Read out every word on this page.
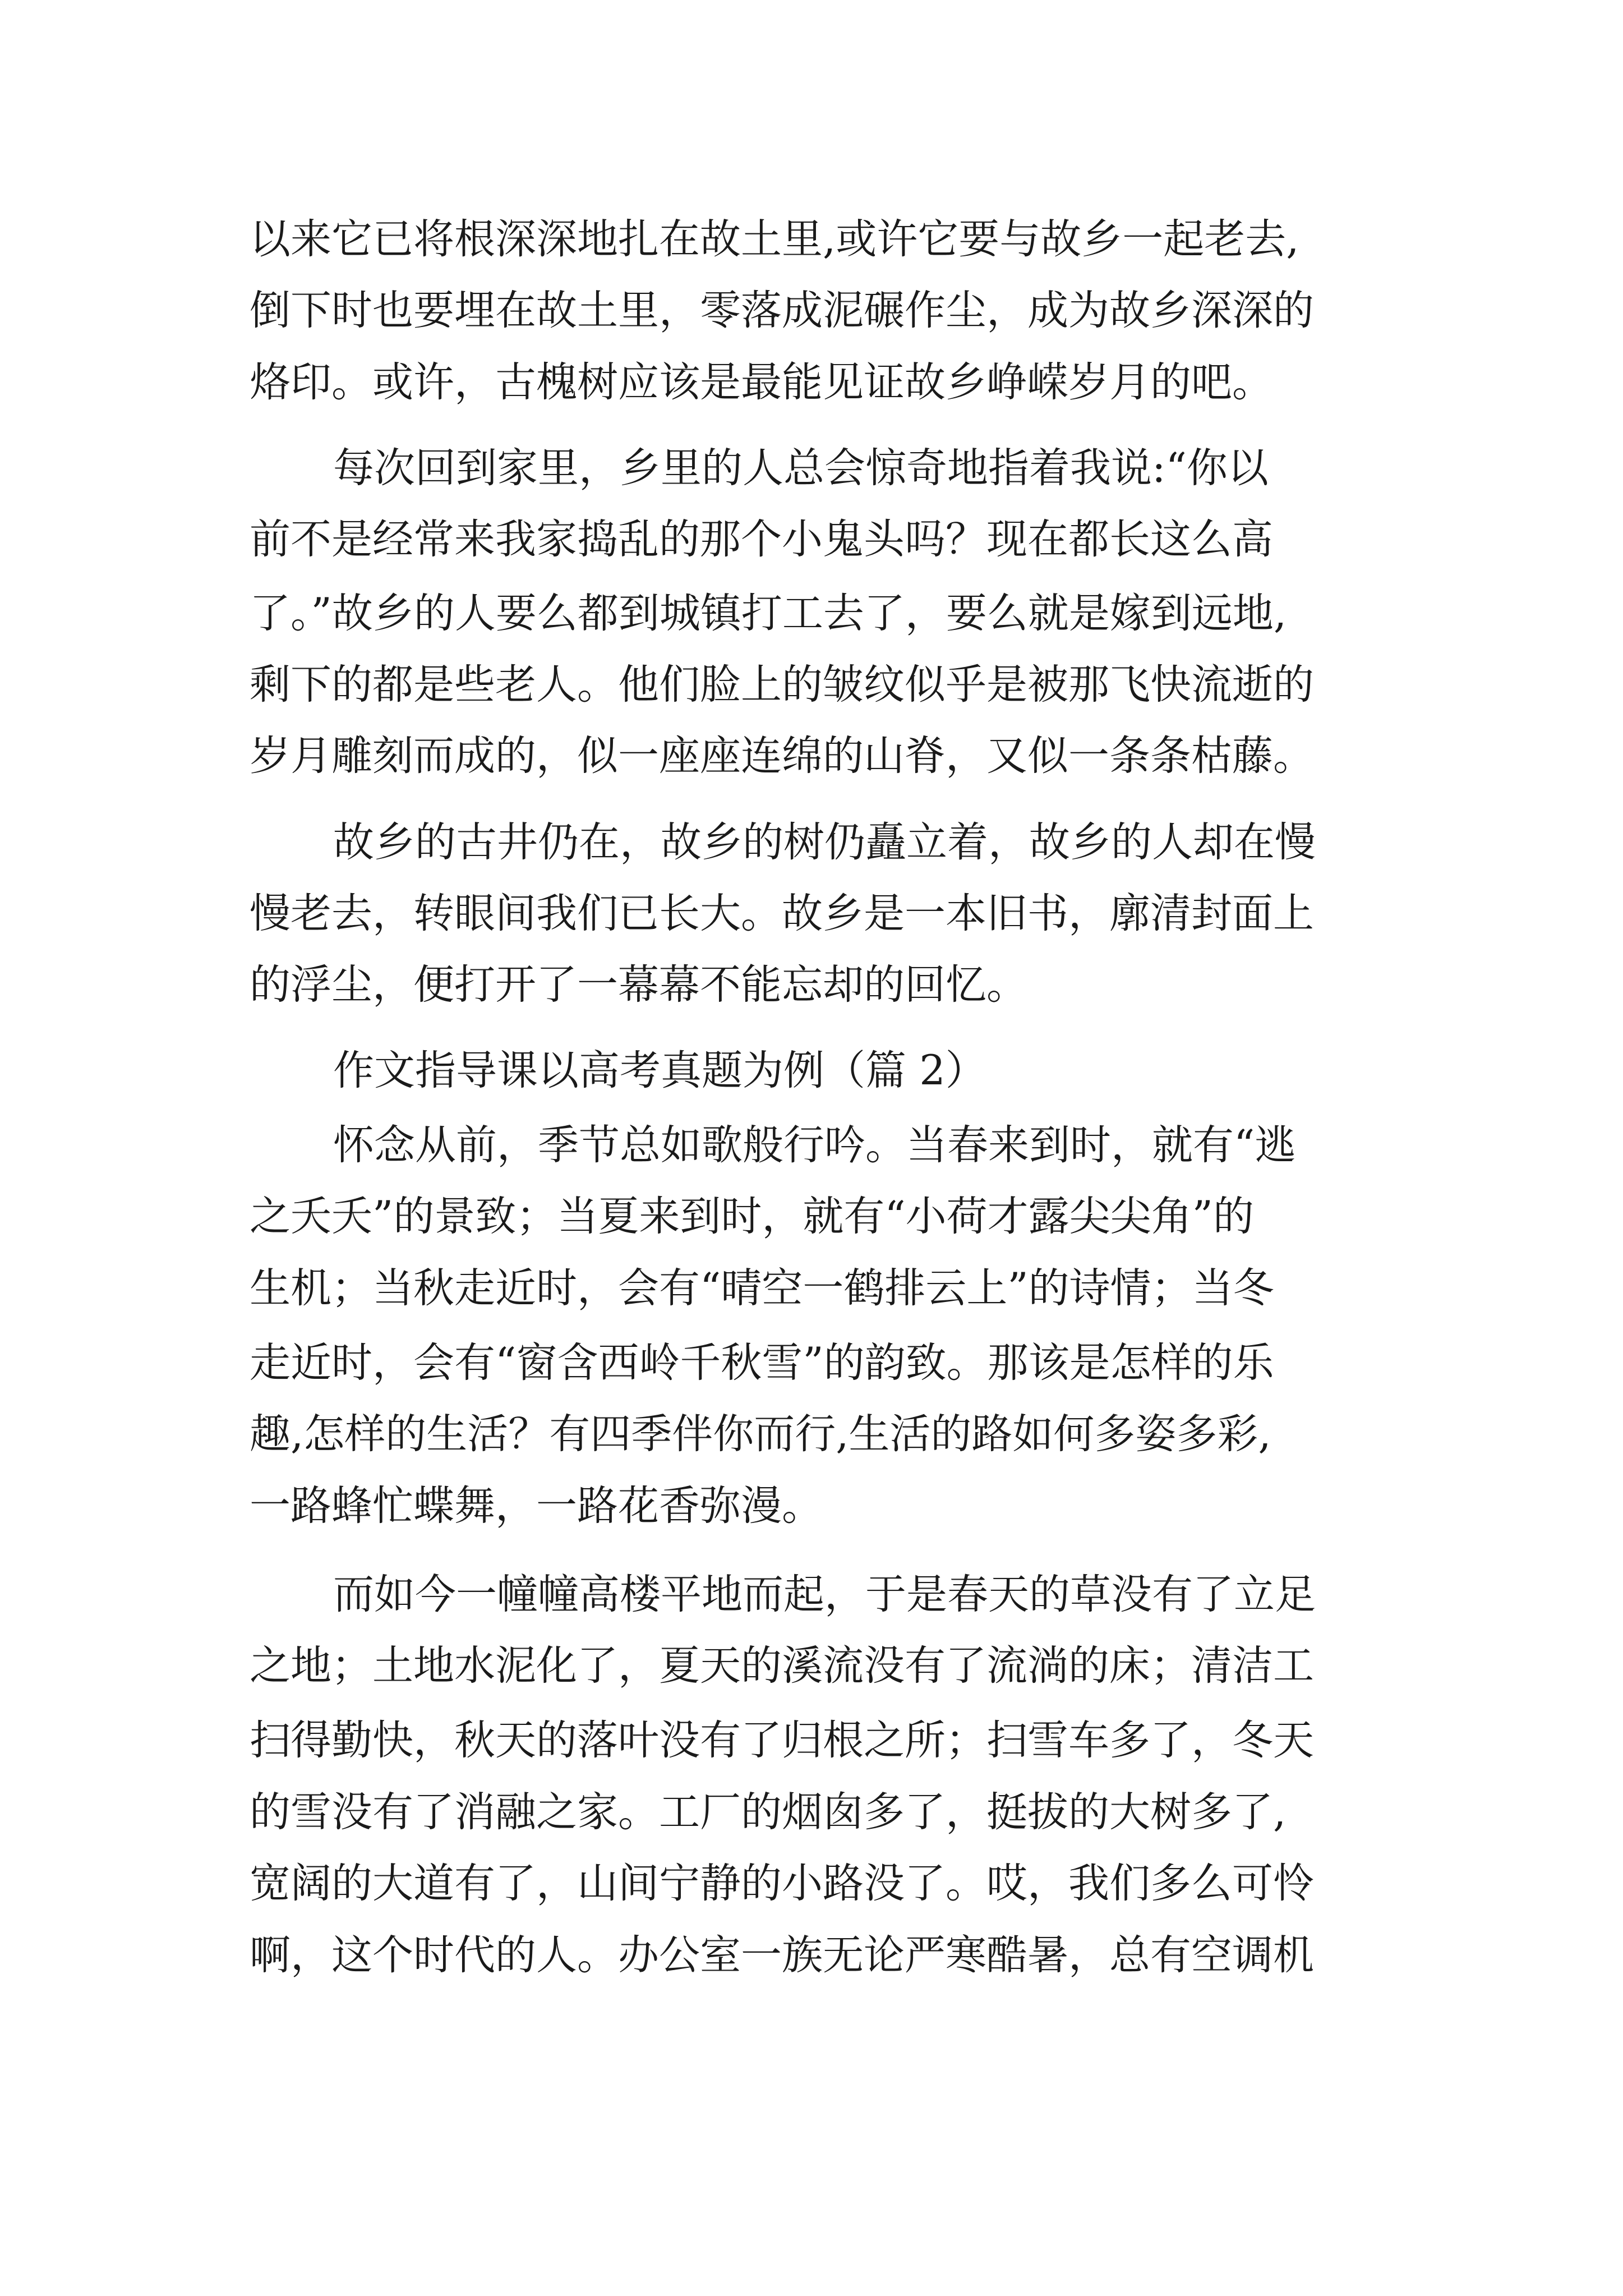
以来它已将根深深地扎在故土里,或许它要与故乡一起老去,
倒下时也要埋在故土里，零落成泥碾作尘，成为故乡深深的
烙印。或许，古槐树应该是最能见证故乡峥嵘岁月的吧。
每次回到家里，乡里的人总会惊奇地指着我说:“你以
前不是经常来我家捣乱的那个小鬼头吗？现在都长这么高
了。”故乡的人要么都到城镇打工去了，要么就是嫁到远地,
剩下的都是些老人。他们脸上的皱纹似乎是被那飞快流逝的
岁月雕刻而成的，似一座座连绵的山脊，又似一条条枯藤。
故乡的古井仍在，故乡的树仍矗立着，故乡的人却在慢
慢老去，转眼间我们已长大。故乡是一本旧书，廓清封面上
的浮尘，便打开了一幕幕不能忘却的回忆。
作文指导课以高考真题为例（篇 2）
怀念从前，季节总如歌般行吟。当春来到时，就有“逃
之夭夭”的景致；当夏来到时，就有“小荷才露尖尖角”的
生机；当秋走近时，会有“晴空一鹤排云上”的诗情；当冬
走近时，会有“窗含西岭千秋雪”的韵致。那该是怎样的乐
趣,怎样的生活？有四季伴你而行,生活的路如何多姿多彩,
一路蜂忙蝶舞，一路花香弥漫。
而如今一幢幢高楼平地而起，于是春天的草没有了立足
之地；土地水泥化了，夏天的溪流没有了流淌的床；清洁工
扫得勤快，秋天的落叶没有了归根之所；扫雪车多了，冬天
的雪没有了消融之家。工厂的烟囱多了，挺拔的大树多了,
宽阔的大道有了，山间宁静的小路没了。哎，我们多么可怜
啊，这个时代的人。办公室一族无论严寒酷暑，总有空调机
